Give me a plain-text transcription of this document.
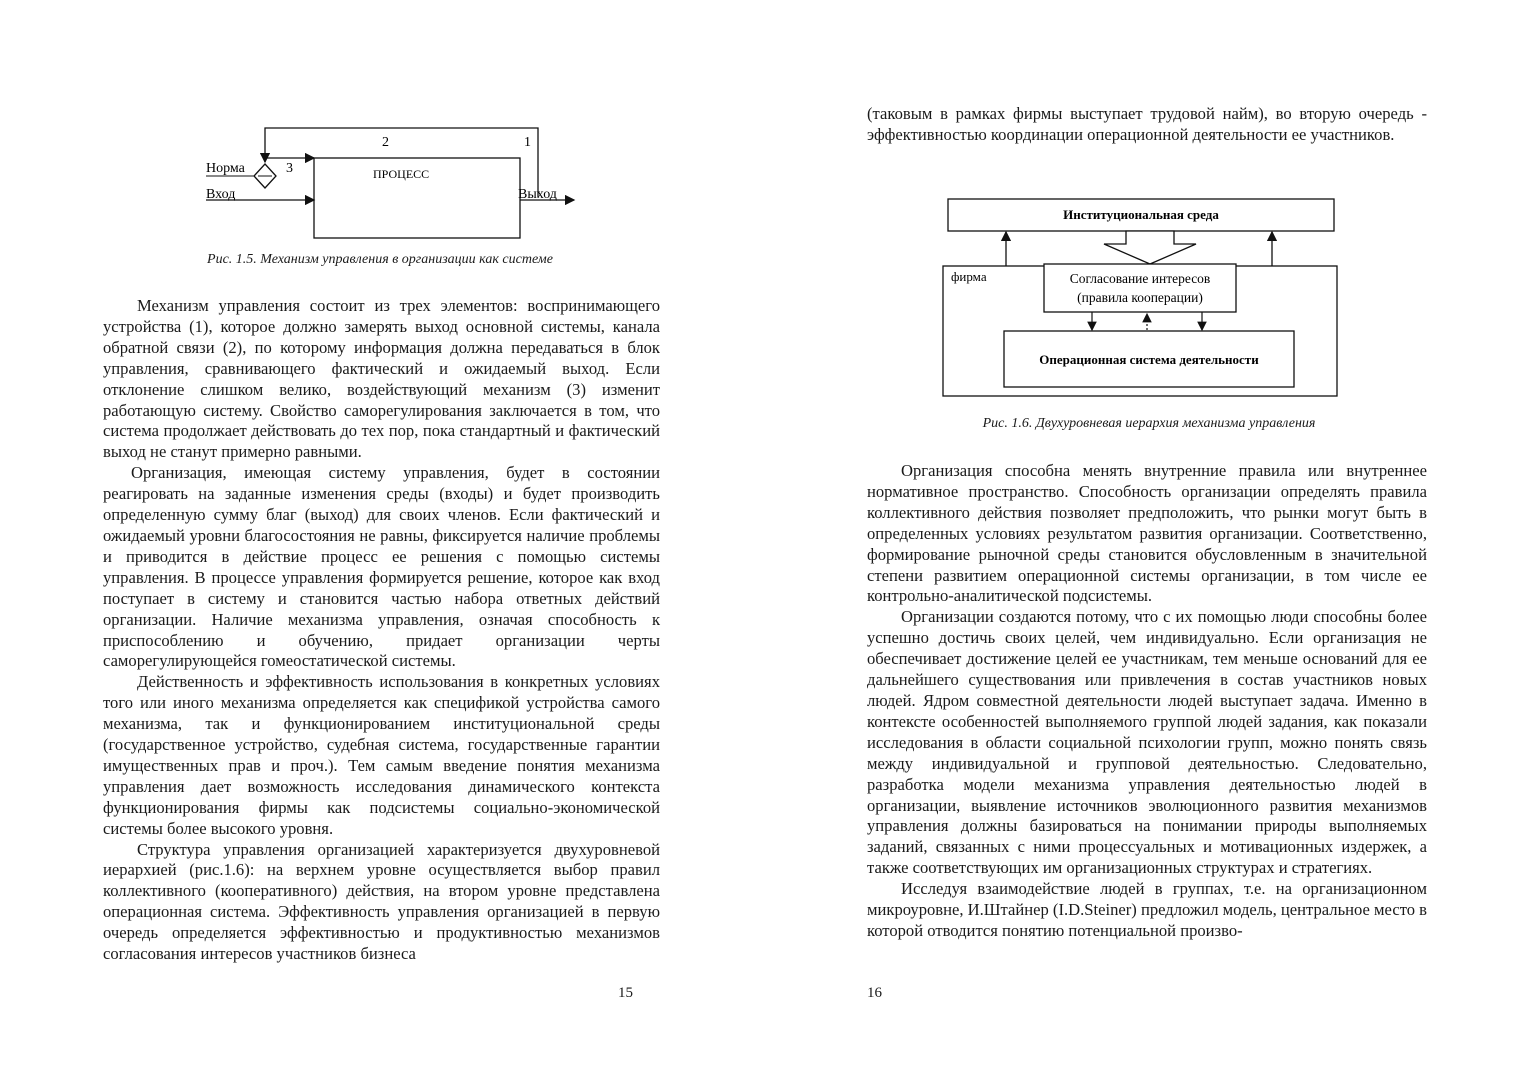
Норма
Вход	Выход
ПРОЦЕСС
1
2
3
Рис. 1.5. Механизм управления в организации как системе

Механизм управления состоит из трех элементов: воспринимающего устройства (1), которое должно замерять выход основной системы, канала обратной связи (2), по которому информация должна передаваться в блок управления, сравнивающего фактический и ожидаемый выход. Если отклонение слишком велико, воздействующий механизм (3) изменит работающую систему. Свойство саморегулирования заключается в том, что система продолжает действовать до тех пор, пока стандартный и фактический выход не станут примерно равными.

Организация, имеющая систему управления, будет в состоянии реагировать на заданные изменения среды (входы) и будет производить определенную сумму благ (выход) для своих членов. Если фактический и ожидаемый уровни благосостояния не равны, фиксируется наличие проблемы и приводится в действие процесс ее решения с помощью системы управления. В процессе управления формируется решение, которое как вход поступает в систему и становится частью набора ответных действий организации. Наличие механизма управления, означая способность к приспособлению и обучению, придает организации черты саморегулирующейся гомеостатической системы.

Действенность и эффективность использования в конкретных условиях того или иного механизма определяется как спецификой устройства самого механизма, так и функционированием институциональной среды (государственное устройство, судебная система, государственные гарантии имущественных прав и проч.). Тем самым введение понятия механизма управления дает возможность исследования динамического контекста функционирования фирмы как подсистемы социально-экономической системы более высокого уровня.

Структура управления организацией характеризуется двухуровневой иерархией (рис.1.6): на верхнем уровне осуществляется выбор правил коллективного (кооперативного) действия, на втором уровне представлена операционная система. Эффективность управления организацией в первую очередь определяется эффективностью и продуктивностью механизмов согласования интересов участников бизнеса

15

(таковым в рамках фирмы выступает трудовой найм), во вторую очередь - эффективностью координации операционной деятельности ее участников.

Институциональная среда
фирма	Согласование интересов
(правила кооперации)
Операционная система деятельности
Рис. 1.6. Двухуровневая иерархия механизма управления

Организация способна менять внутренние правила или внутреннее нормативное пространство. Способность организации определять правила коллективного действия позволяет предположить, что рынки могут быть в определенных условиях результатом развития организации. Соответственно, формирование рыночной среды становится обусловленным в значительной степени развитием операционной системы организации, в том числе ее контрольно-аналитической подсистемы.

Организации создаются потому, что с их помощью люди способны более успешно достичь своих целей, чем индивидуально. Если организация не обеспечивает достижение целей ее участникам, тем меньше оснований для ее дальнейшего существования или привлечения в состав участников новых людей. Ядром совместной деятельности людей выступает задача. Именно в контексте особенностей выполняемого группой людей задания, как показали исследования в области социальной психологии групп, можно понять связь между индивидуальной и групповой деятельностью. Следовательно, разработка модели механизма управления деятельностью людей в организации, выявление источников эволюционного развития механизмов управления должны базироваться на понимании природы выполняемых заданий, связанных с ними процессуальных и мотивационных издержек, а также соответствующих им организационных структурах и стратегиях.

Исследуя взаимодействие людей в группах, т.е. на организационном микроуровне, И.Штайнер (I.D.Steiner) предложил модель, центральное место в которой отводится понятию потенциальной произво-

16
